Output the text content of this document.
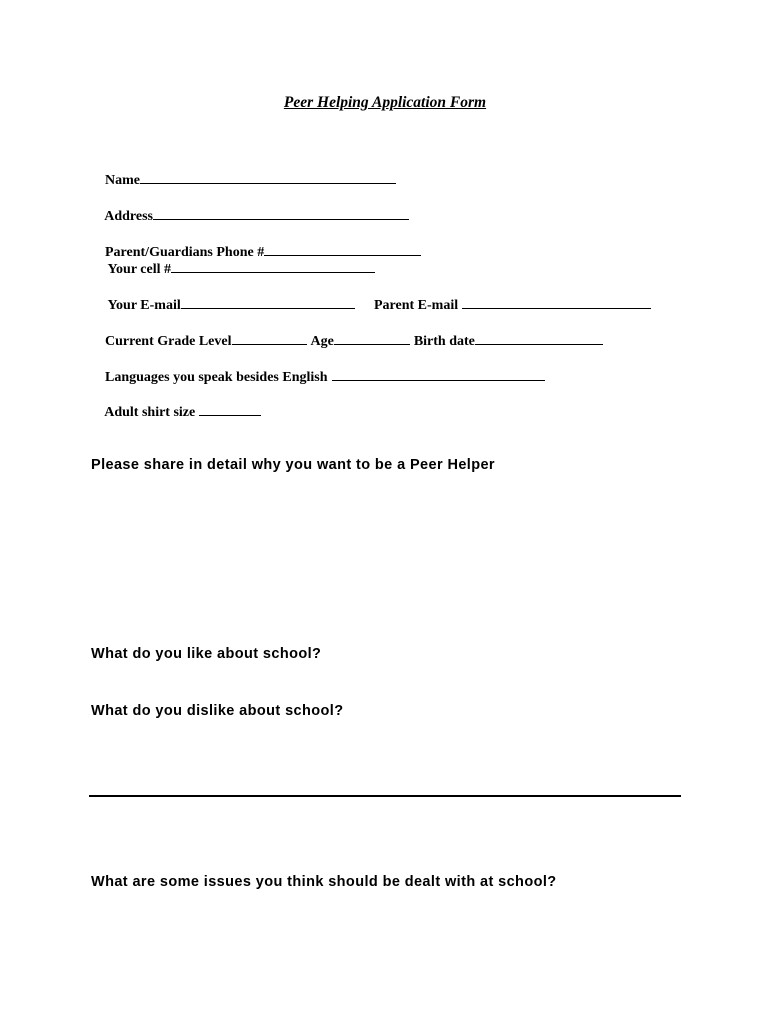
Peer Helping Application Form

Name

Address

Parent/Guardians Phone #

Your cell #

Your E-mail
	Parent E-mail

Current Grade Level	Age	Birth date

Languages you speak besides English

Adult shirt size

Please share in detail why you want to be a Peer Helper
What do you like about school?
What do you dislike about school?
What are some issues you think should be dealt with at school?
